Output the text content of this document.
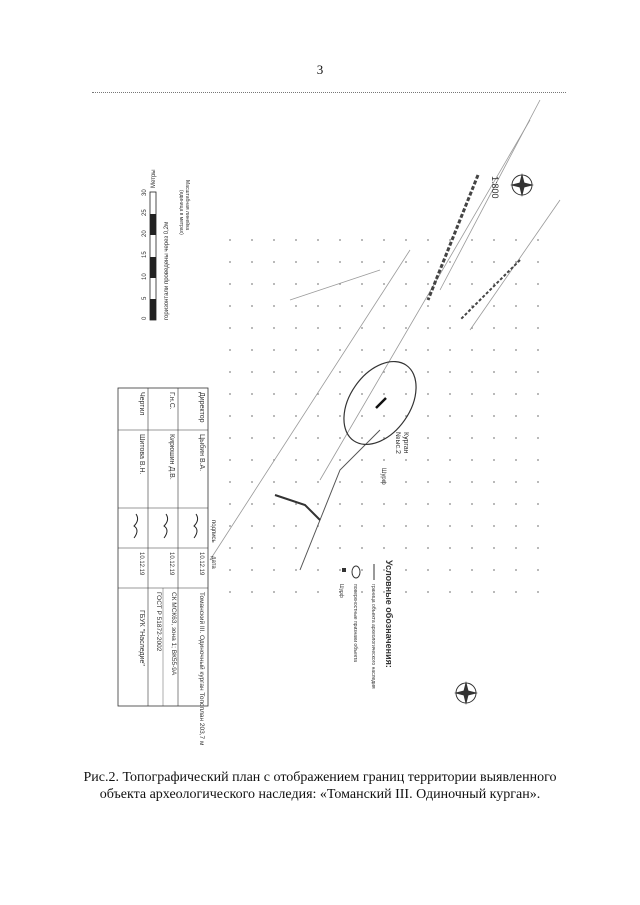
3
1:800
0
5
10
15
20
25
30
Метры
горизонтали проведены через 0,2м
Масштабная линейка
(единица в метрах)
Курган
№ыс.2
Шурф
Условные обозначения:
граница объекта археологического наследия
поверхностные признаки объекта
Шурф
Директор
Г.н.С.
Чертил
Цыбин В.А.
Кирюшин Д.В.
Шитова В.Н.
подпись
дата
10.12.19
10.12.19
10.12.19
Томанский III. Одиночный курган Топоплан 203,7 м
СК МСК63, зона 1; ВК55-9А
ГОСТ Р 51872-2002
ГБУК "Наследие"
Рис.2. Топографический план с отображением границ территории выявленного
объекта археологического наследия: «Томанский III. Одиночный курган».
